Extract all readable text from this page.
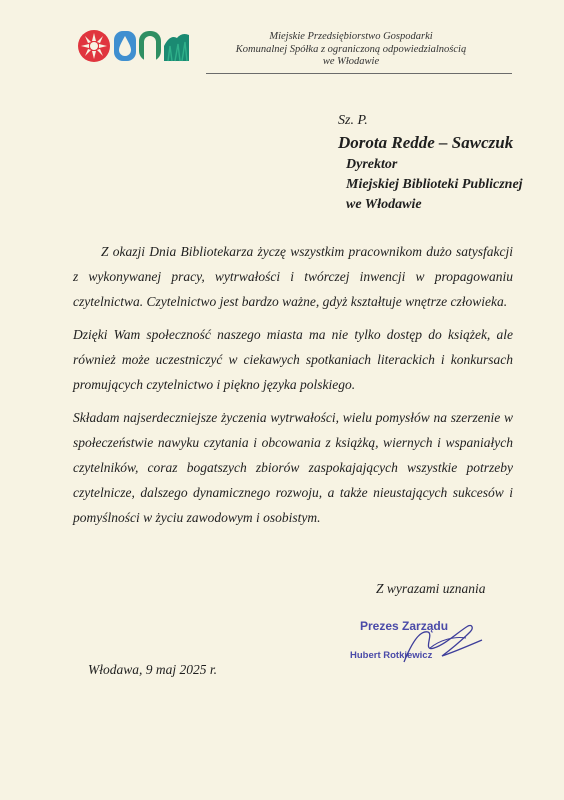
Miejskie Przedsiębiorstwo Gospodarki
Komunalnej Spółka z ograniczoną odpowiedzialnością
we Włodawie
Sz. P.
Dorota Redde – Sawczuk
Dyrektor
Miejskiej Biblioteki Publicznej
we Włodawie

Z okazji Dnia Bibliotekarza życzę wszystkim pracownikom dużo satysfakcji z wykonywanej pracy, wytrwałości i twórczej inwencji w propagowaniu czytelnictwa. Czytelnictwo jest bardzo ważne, gdyż kształtuje wnętrze człowieka.

Dzięki Wam społeczność naszego miasta ma nie tylko dostęp do książek, ale również może uczestniczyć w ciekawych spotkaniach literackich i konkursach promujących czytelnictwo i piękno języka polskiego.

Składam najserdeczniejsze życzenia wytrwałości, wielu pomysłów na szerzenie w społeczeństwie nawyku czytania i obcowania z książką, wiernych i wspaniałych czytelników, coraz bogatszych zbiorów zaspokajających wszystkie potrzeby czytelnicze, dalszego dynamicznego rozwoju, a także nieustających sukcesów i pomyślności w życiu zawodowym i osobistym.

Z wyrazami uznania
Prezes Zarządu
Hubert Rotkiewicz
Włodawa, 9 maj 2025 r.
